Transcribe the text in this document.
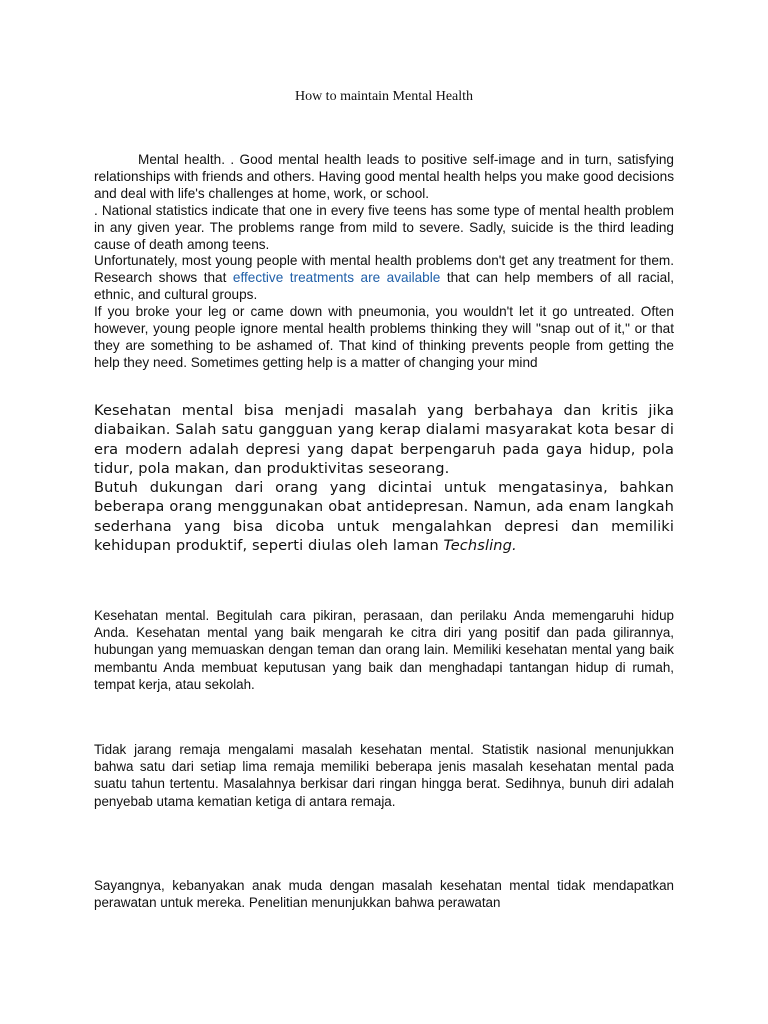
How to maintain Mental Health

Mental health. . Good mental health leads to positive self-image and in turn, satisfying relationships with friends and others. Having good mental health helps you make good decisions and deal with life's challenges at home, work, or school.

. National statistics indicate that one in every five teens has some type of mental health problem in any given year. The problems range from mild to severe. Sadly, suicide is the third leading cause of death among teens.

Unfortunately, most young people with mental health problems don't get any treatment for them. Research shows that effective treatments are available that can help members of all racial, ethnic, and cultural groups.

If you broke your leg or came down with pneumonia, you wouldn't let it go untreated. Often however, young people ignore mental health problems thinking they will "snap out of it," or that they are something to be ashamed of. That kind of thinking prevents people from getting the help they need. Sometimes getting help is a matter of changing your mind

Kesehatan mental bisa menjadi masalah yang berbahaya dan kritis jika diabaikan. Salah satu gangguan yang kerap dialami masyarakat kota besar di era modern adalah depresi yang dapat berpengaruh pada gaya hidup, pola tidur, pola makan, dan produktivitas seseorang.

Butuh dukungan dari orang yang dicintai untuk mengatasinya, bahkan beberapa orang menggunakan obat antidepresan. Namun, ada enam langkah sederhana yang bisa dicoba untuk mengalahkan depresi dan memiliki kehidupan produktif, seperti diulas oleh laman Techsling.

Kesehatan mental. Begitulah cara pikiran, perasaan, dan perilaku Anda memengaruhi hidup Anda. Kesehatan mental yang baik mengarah ke citra diri yang positif dan pada gilirannya, hubungan yang memuaskan dengan teman dan orang lain. Memiliki kesehatan mental yang baik membantu Anda membuat keputusan yang baik dan menghadapi tantangan hidup di rumah, tempat kerja, atau sekolah.

Tidak jarang remaja mengalami masalah kesehatan mental. Statistik nasional menunjukkan bahwa satu dari setiap lima remaja memiliki beberapa jenis masalah kesehatan mental pada suatu tahun tertentu. Masalahnya berkisar dari ringan hingga berat. Sedihnya, bunuh diri adalah penyebab utama kematian ketiga di antara remaja.

Sayangnya, kebanyakan anak muda dengan masalah kesehatan mental tidak mendapatkan perawatan untuk mereka. Penelitian menunjukkan bahwa perawatan
